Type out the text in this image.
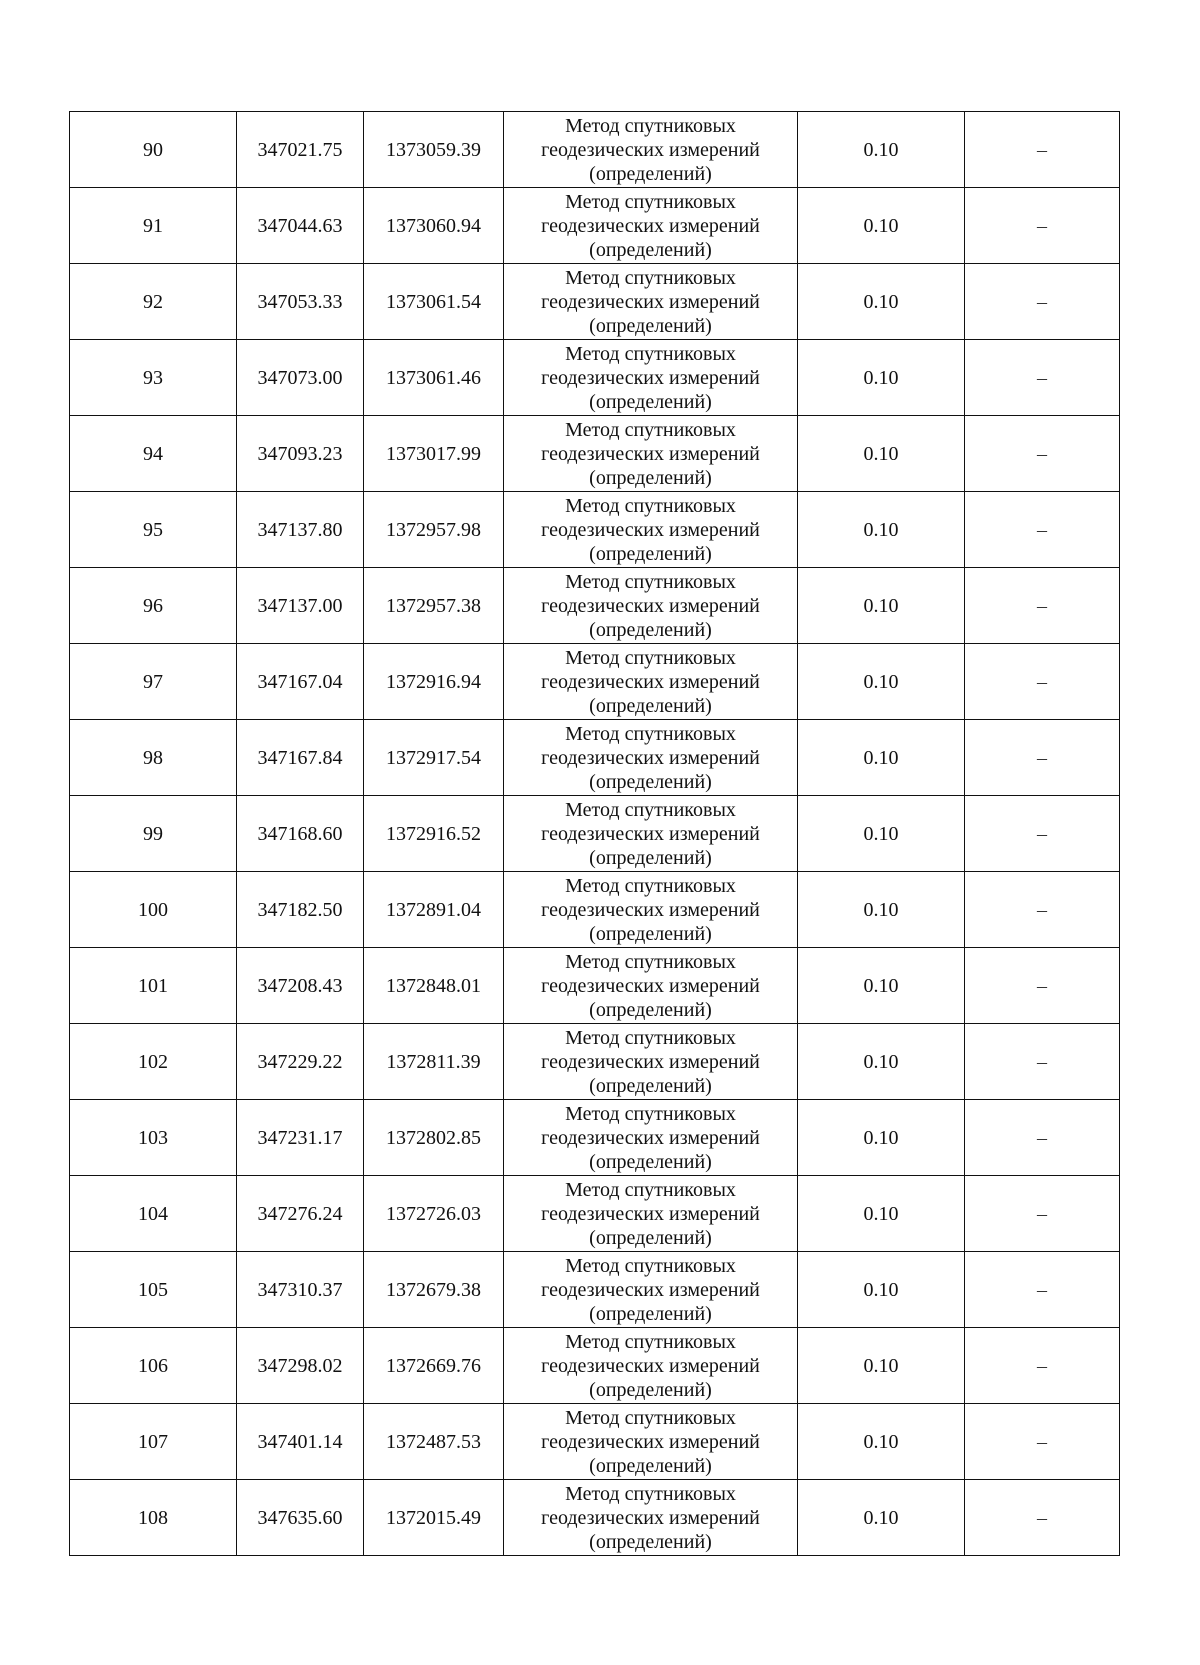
90	347021.75	1373059.39	Метод спутниковых геодезических измерений (определений)	0.10	–
91	347044.63	1373060.94	Метод спутниковых геодезических измерений (определений)	0.10	–
92	347053.33	1373061.54	Метод спутниковых геодезических измерений (определений)	0.10	–
93	347073.00	1373061.46	Метод спутниковых геодезических измерений (определений)	0.10	–
94	347093.23	1373017.99	Метод спутниковых геодезических измерений (определений)	0.10	–
95	347137.80	1372957.98	Метод спутниковых геодезических измерений (определений)	0.10	–
96	347137.00	1372957.38	Метод спутниковых геодезических измерений (определений)	0.10	–
97	347167.04	1372916.94	Метод спутниковых геодезических измерений (определений)	0.10	–
98	347167.84	1372917.54	Метод спутниковых геодезических измерений (определений)	0.10	–
99	347168.60	1372916.52	Метод спутниковых геодезических измерений (определений)	0.10	–
100	347182.50	1372891.04	Метод спутниковых геодезических измерений (определений)	0.10	–
101	347208.43	1372848.01	Метод спутниковых геодезических измерений (определений)	0.10	–
102	347229.22	1372811.39	Метод спутниковых геодезических измерений (определений)	0.10	–
103	347231.17	1372802.85	Метод спутниковых геодезических измерений (определений)	0.10	–
104	347276.24	1372726.03	Метод спутниковых геодезических измерений (определений)	0.10	–
105	347310.37	1372679.38	Метод спутниковых геодезических измерений (определений)	0.10	–
106	347298.02	1372669.76	Метод спутниковых геодезических измерений (определений)	0.10	–
107	347401.14	1372487.53	Метод спутниковых геодезических измерений (определений)	0.10	–
108	347635.60	1372015.49	Метод спутниковых геодезических измерений (определений)	0.10	–
